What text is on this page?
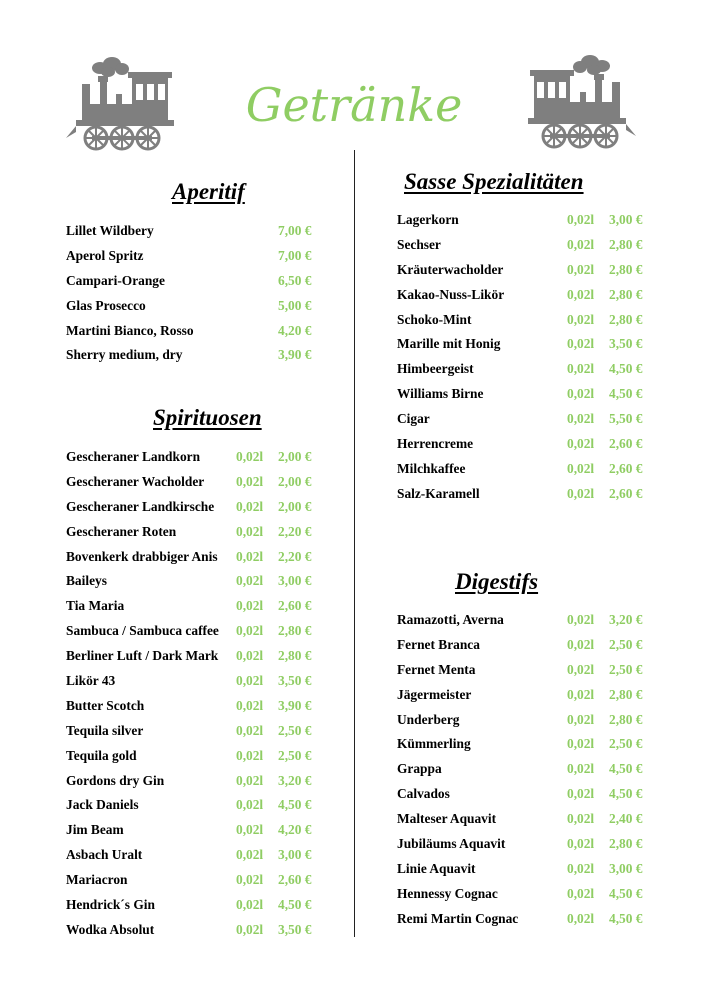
Getränke
Aperitif
Lillet Wildbery	7,00 €
Aperol Spritz	7,00 €
Campari-Orange	6,50 €
Glas Prosecco	5,00 €
Martini Bianco, Rosso	4,20 €
Sherry medium, dry	3,90 €
Spirituosen
Gescheraner Landkorn	0,02l 2,00 €
Gescheraner Wacholder 0,02l 2,00 €
Gescheraner Landkirsche 0,02l 2,00 €
Gescheraner Roten	0,02l 2,20 €
Bovenkerk drabbiger Anis 0,02l 2,20 €
Baileys	0,02l 3,00 €
Tia Maria	0,02l 2,60 €
Sambuca / Sambuca caffee 0,02l 2,80 €
Berliner Luft / Dark Mark 0,02l 2,80 €
Likör 43	0,02l 3,50 €
Butter Scotch	0,02l 3,90 €
Tequila silver	0,02l 2,50 €
Tequila gold	0,02l 2,50 €
Gordons dry Gin	0,02l 3,20 €
Jack Daniels	0,02l 4,50 €
Jim Beam	0,02l 4,20 €
Asbach Uralt	0,02l 3,00 €
Mariacron	0,02l 2,60 €
Hendrick´s Gin	0,02l 4,50 €
Wodka Absolut	0,02l 3,50 €
Sasse Spezialitäten
Lagerkorn	0,02l 3,00 €
Sechser	0,02l 2,80 €
Kräuterwacholder	0,02l 2,80 €
Kakao-Nuss-Likör	0,02l 2,80 €
Schoko-Mint	0,02l 2,80 €
Marille mit Honig	0,02l 3,50 €
Himbeergeist	0,02l 4,50 €
Williams Birne	0,02l 4,50 €
Cigar	0,02l 5,50 €
Herrencreme	0,02l 2,60 €
Milchkaffee	0,02l 2,60 €
Salz-Karamell	0,02l 2,60 €
Digestifs
Ramazotti, Averna	0,02l 3,20 €
Fernet Branca	0,02l 2,50 €
Fernet Menta	0,02l 2,50 €
Jägermeister	0,02l 2,80 €
Underberg	0,02l 2,80 €
Kümmerling	0,02l 2,50 €
Grappa	0,02l 4,50 €
Calvados	0,02l 4,50 €
Malteser Aquavit	0,02l 2,40 €
Jubiläums Aquavit	0,02l 2,80 €
Linie Aquavit	0,02l 3,00 €
Hennessy Cognac	0,02l 4,50 €
Remi Martin Cognac	0,02l 4,50 €
